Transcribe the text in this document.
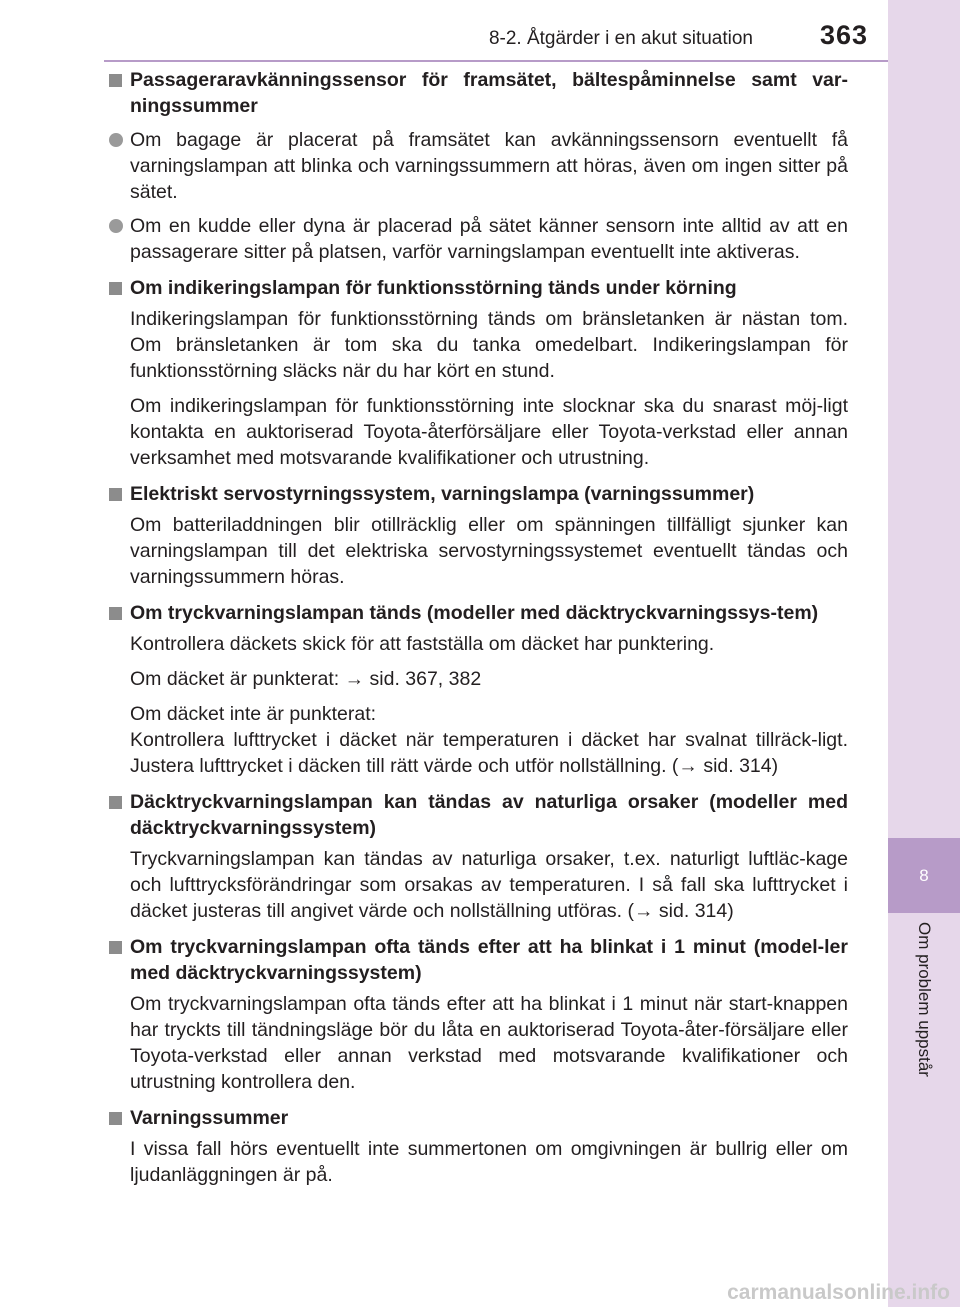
8-2. Åtgärder i en akut situation 363
8
Om problem uppstår
Passageraravkänningssensor för framsätet, bältespåminnelse samt var-ningssummer
Om bagage är placerat på framsätet kan avkänningssensorn eventuellt få varningslampan att blinka och varningssummern att höras, även om ingen sitter på sätet.
Om en kudde eller dyna är placerad på sätet känner sensorn inte alltid av att en passagerare sitter på platsen, varför varningslampan eventuellt inte aktiveras.
Om indikeringslampan för funktionsstörning tänds under körning
Indikeringslampan för funktionsstörning tänds om bränsletanken är nästan tom. Om bränsletanken är tom ska du tanka omedelbart. Indikeringslampan för funktionsstörning släcks när du har kört en stund.
Om indikeringslampan för funktionsstörning inte slocknar ska du snarast möj-ligt kontakta en auktoriserad Toyota-återförsäljare eller Toyota-verkstad eller annan verksamhet med motsvarande kvalifikationer och utrustning.
Elektriskt servostyrningssystem, varningslampa (varningssummer)
Om batteriladdningen blir otillräcklig eller om spänningen tillfälligt sjunker kan varningslampan till det elektriska servostyrningssystemet eventuellt tändas och varningssummern höras.
Om tryckvarningslampan tänds (modeller med däcktryckvarningssys-tem)
Kontrollera däckets skick för att fastställa om däcket har punktering.
Om däcket är punkterat: → sid. 367, 382
Om däcket inte är punkterat:
Kontrollera lufttrycket i däcket när temperaturen i däcket har svalnat tillräck-ligt. Justera lufttrycket i däcken till rätt värde och utför nollställning. (→ sid. 314)
Däcktryckvarningslampan kan tändas av naturliga orsaker (modeller med däcktryckvarningssystem)
Tryckvarningslampan kan tändas av naturliga orsaker, t.ex. naturligt luftläc-kage och lufttrycksförändringar som orsakas av temperaturen. I så fall ska lufttrycket i däcket justeras till angivet värde och nollställning utföras. (→ sid. 314)
Om tryckvarningslampan ofta tänds efter att ha blinkat i 1 minut (model-ler med däcktryckvarningssystem)
Om tryckvarningslampan ofta tänds efter att ha blinkat i 1 minut när start-knappen har tryckts till tändningsläge bör du låta en auktoriserad Toyota-åter-försäljare eller Toyota-verkstad eller annan verkstad med motsvarande kvalifikationer och utrustning kontrollera den.
Varningssummer
I vissa fall hörs eventuellt inte summertonen om omgivningen är bullrig eller om ljudanläggningen är på.
carmanualsonline.info
